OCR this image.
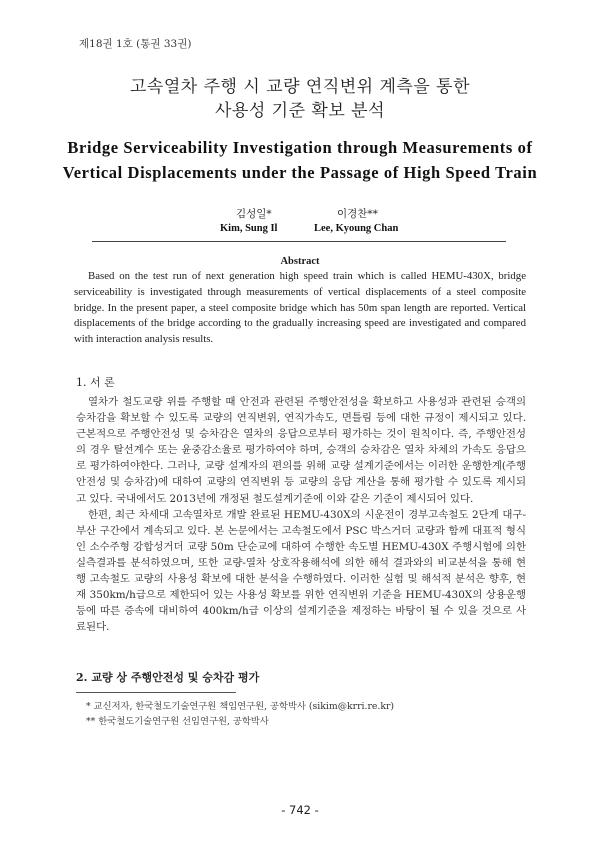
제18권 1호 (통권 33권)
고속열차 주행 시 교량 연직변위 계측을 통한
사용성 기준 확보 분석
Bridge Serviceability Investigation through Measurements of
Vertical Displacements under the Passage of High Speed Train
김성일*	이경찬**
Kim, Sung Il	Lee, Kyoung Chan
Abstract

Based on the test run of next generation high speed train which is called HEMU-430X, bridge serviceability is investigated through measurements of vertical displacements of a steel composite bridge. In the present paper, a steel composite bridge which has 50m span length are reported. Vertical displacements of the bridge according to the gradually increasing speed are investigated and compared with interaction analysis results.

1. 서 론

열차가 철도교량 위를 주행할 때 안전과 관련된 주행안전성을 확보하고 사용성과 관련된 승객의 승차감을 확보할 수 있도록 교량의 연직변위, 연직가속도, 면틀림 등에 대한 규정이 제시되고 있다. 근본적으로 주행안전성 및 승차감은 열차의 응답으로부터 평가하는 것이 원칙이다. 즉, 주행안전성의 경우 탈선계수 또는 윤중감소율로 평가하여야 하며, 승객의 승차감은 열차 차체의 가속도 응답으로 평가하여야한다. 그러나, 교량 설계자의 편의를 위해 교량 설계기준에서는 이러한 운행한계(주행안전성 및 승차감)에 대하여 교량의 연직변위 등 교량의 응답 계산을 통해 평가할 수 있도록 제시되고 있다. 국내에서도 2013년에 개정된 철도설계기준에 이와 같은 기준이 제시되어 있다.

한편, 최근 차세대 고속열차로 개발 완료된 HEMU-430X의 시운전이 경부고속철도 2단계 대구-부산 구간에서 계속되고 있다. 본 논문에서는 고속철도에서 PSC 박스거더 교량과 함께 대표적 형식인 소수주형 강합성거더 교량 50m 단순교에 대하여 수행한 속도별 HEMU-430X 주행시험에 의한 실측결과를 분석하였으며, 또한 교량-열차 상호작용해석에 의한 해석 결과와의 비교분석을 통해 현행 고속철도 교량의 사용성 확보에 대한 분석을 수행하였다. 이러한 실험 및 해석적 분석은 향후, 현재 350km/h급으로 제한되어 있는 사용성 확보를 위한 연직변위 기준을 HEMU-430X의 상용운행 등에 따른 증속에 대비하여 400km/h급 이상의 설계기준을 제정하는 바탕이 될 수 있을 것으로 사료된다.

2. 교량 상 주행안전성 및 승차감 평가
* 교신저자, 한국철도기술연구원 책임연구원, 공학박사 (sikim@krri.re.kr)
** 한국철도기술연구원 선임연구원, 공학박사
- 742 -
